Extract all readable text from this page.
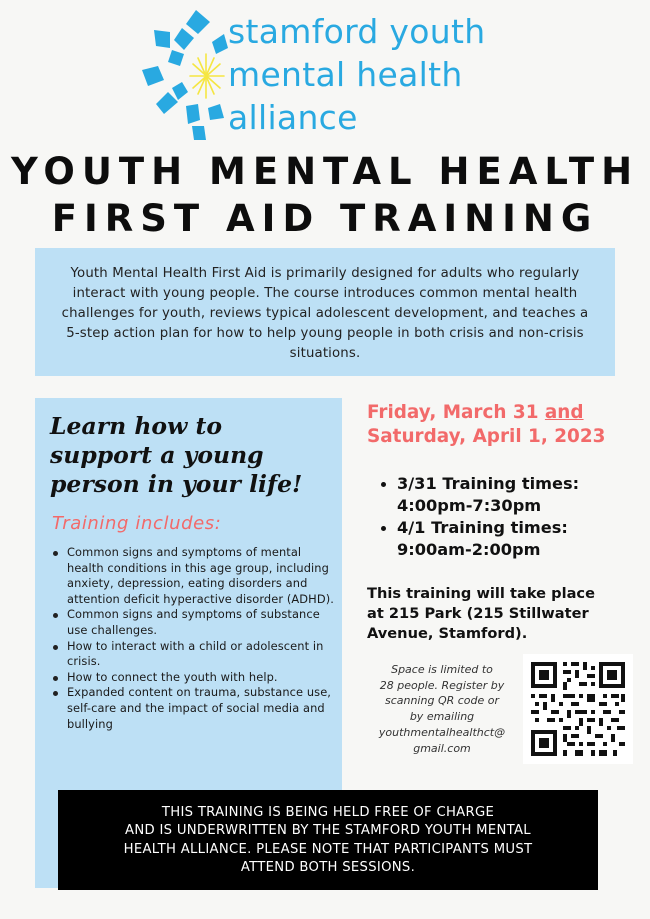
stamford youth
mental health
alliance
YOUTH MENTAL HEALTH
FIRST AID TRAINING
Youth Mental Health First Aid is primarily designed for adults who regularly interact with young people. The course introduces common mental health challenges for youth, reviews typical adolescent development, and teaches a 5-step action plan for how to help young people in both crisis and non-crisis situations.
Learn how to
support a young
person in your life!
Training includes:
Common signs and symptoms of mental health conditions in this age group, including anxiety, depression, eating disorders and attention deficit hyperactive disorder (ADHD).
Common signs and symptoms of substance use challenges.
How to interact with a child or adolescent in crisis.
How to connect the youth with help.
Expanded content on trauma, substance use, self-care and the impact of social media and bullying
Friday, March 31 and
Saturday, April 1, 2023
3/31 Training times:
4:00pm-7:30pm
4/1 Training times:
9:00am-2:00pm
This training will take place
at 215 Park (215 Stillwater
Avenue, Stamford).
Space is limited to
28 people. Register by
scanning QR code or
by emailing
youthmentalhealthct@
gmail.com
THIS TRAINING IS BEING HELD FREE OF CHARGE
AND IS UNDERWRITTEN BY THE STAMFORD YOUTH MENTAL
HEALTH ALLIANCE. PLEASE NOTE THAT PARTICIPANTS MUST
ATTEND BOTH SESSIONS.
